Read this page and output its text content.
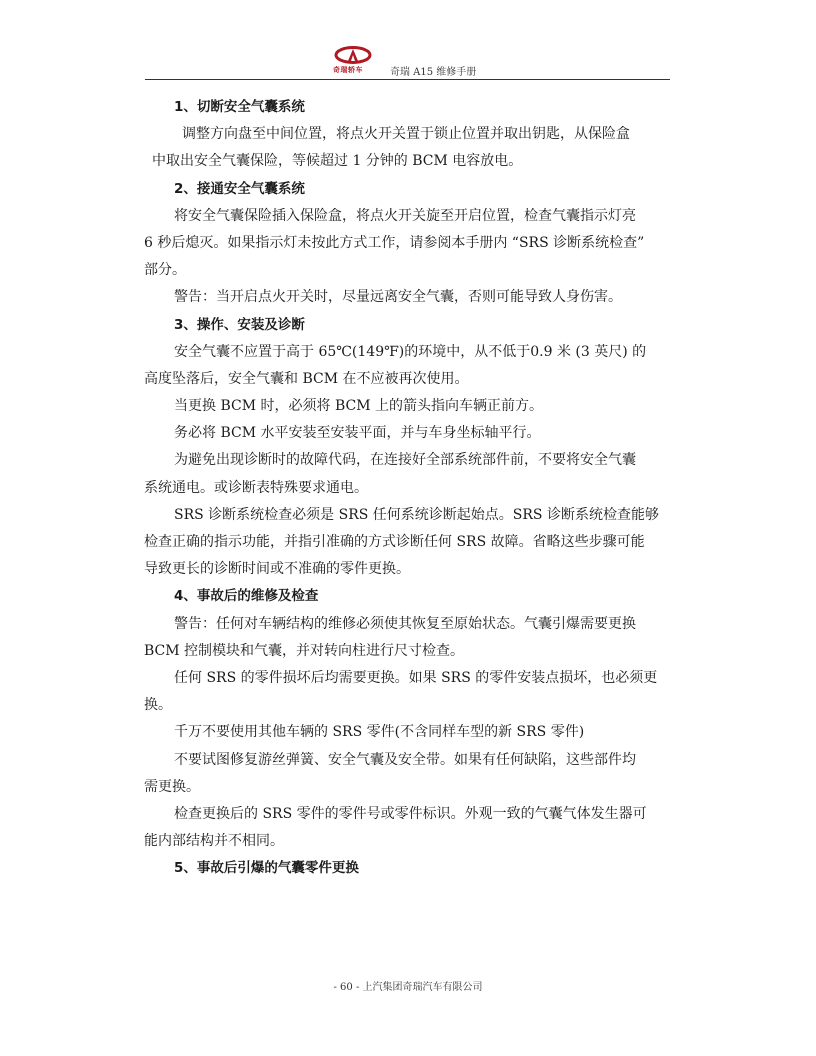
奇瑞轿车	奇瑞 A15 维修手册
1、切断安全气囊系统
调整方向盘至中间位置，将点火开关置于锁止位置并取出钥匙，从保险盒
中取出安全气囊保险，等候超过 1 分钟的 BCM 电容放电。
2、接通安全气囊系统
将安全气囊保险插入保险盒，将点火开关旋至开启位置，检查气囊指示灯亮
6 秒后熄灭。如果指示灯未按此方式工作，请参阅本手册内 “SRS 诊断系统检查”
部分。
警告：当开启点火开关时，尽量远离安全气囊，否则可能导致人身伤害。
3、操作、安装及诊断
安全气囊不应置于高于 65℃(149℉)的环境中，从不低于0.9 米 (3 英尺) 的
高度坠落后，安全气囊和 BCM 在不应被再次使用。
当更换 BCM 时，必须将 BCM 上的箭头指向车辆正前方。
务必将 BCM 水平安装至安装平面，并与车身坐标轴平行。
为避免出现诊断时的故障代码，在连接好全部系统部件前，不要将安全气囊
系统通电。或诊断表特殊要求通电。
SRS 诊断系统检查必须是 SRS 任何系统诊断起始点。SRS 诊断系统检查能够
检查正确的指示功能，并指引准确的方式诊断任何 SRS 故障。省略这些步骤可能
导致更长的诊断时间或不准确的零件更换。
4、事故后的维修及检查
警告：任何对车辆结构的维修必须使其恢复至原始状态。气囊引爆需要更换
BCM 控制模块和气囊，并对转向柱进行尺寸检查。
任何 SRS 的零件损坏后均需要更换。如果 SRS 的零件安装点损坏，也必须更
换。
千万不要使用其他车辆的 SRS 零件(不含同样车型的新 SRS 零件)
不要试图修复游丝弹簧、安全气囊及安全带。如果有任何缺陷，这些部件均
需更换。
检查更换后的 SRS 零件的零件号或零件标识。外观一致的气囊气体发生器可
能内部结构并不相同。
5、事故后引爆的气囊零件更换
- 60 - 上汽集团奇瑞汽车有限公司
